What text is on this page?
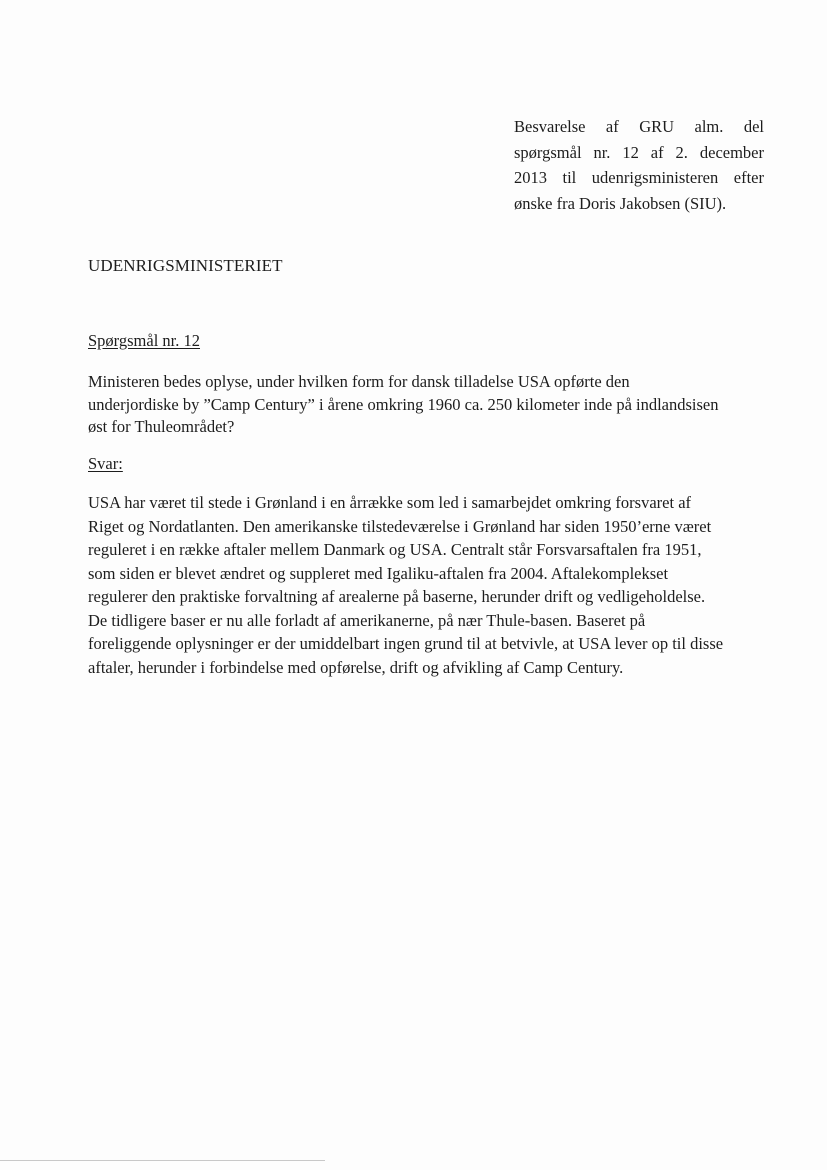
Besvarelse af GRU alm. del
spørgsmål nr. 12 af 2. december
2013 til udenrigsministeren efter
ønske fra Doris Jakobsen (SIU).
UDENRIGSMINISTERIET
Spørgsmål nr. 12
Ministeren bedes oplyse, under hvilken form for dansk tilladelse USA opførte den
underjordiske by ”Camp Century” i årene omkring 1960 ca. 250 kilometer inde på indlandsisen
øst for Thuleområdet?
Svar:
USA har været til stede i Grønland i en årrække som led i samarbejdet omkring forsvaret af
Riget og Nordatlanten. Den amerikanske tilstedeværelse i Grønland har siden 1950’erne været
reguleret i en række aftaler mellem Danmark og USA. Centralt står Forsvarsaftalen fra 1951,
som siden er blevet ændret og suppleret med Igaliku-aftalen fra 2004. Aftalekomplekset
regulerer den praktiske forvaltning af arealerne på baserne, herunder drift og vedligeholdelse.
De tidligere baser er nu alle forladt af amerikanerne, på nær Thule-basen. Baseret på
foreliggende oplysninger er der umiddelbart ingen grund til at betvivle, at USA lever op til disse
aftaler, herunder i forbindelse med opførelse, drift og afvikling af Camp Century.
